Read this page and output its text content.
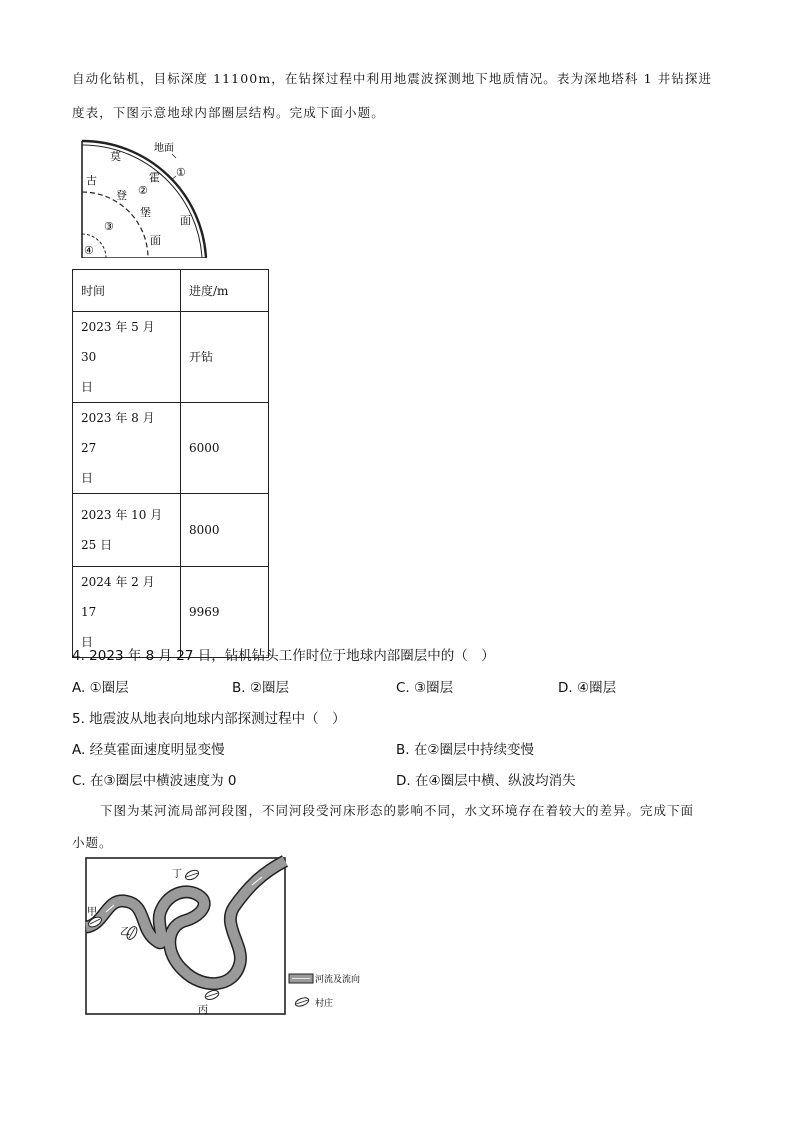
自动化钻机，目标深度 11100m，在钻探过程中利用地震波探测地下地质情况。表为深地塔科 1 井钻探进

度表，下图示意地球内部圈层结构。完成下面小题。

地面
莫
①
霍
古
②
登
堡
面
③
面
④
时间	进度/m

2023 年 5 月 30
日	开钻

2023 年 8 月 27
日	6000

2023 年 10 月
25 日	8000

2024 年 2 月 17
日	9969
4. 2023 年 8 月 27 日，钻机钻头工作时位于地球内部圈层中的（　）
A. ①圈层	B. ②圈层	C. ③圈层	D. ④圈层
5. 地震波从地表向地球内部探测过程中（　）
A. 经莫霍面速度明显变慢	B. 在②圈层中持续变慢
C. 在③圈层中横波速度为 0	D. 在④圈层中横、纵波均消失

下图为某河流局部河段图，不同河段受河床形态的影响不同，水文环境存在着较大的差异。完成下面

小题。

甲
乙
丙
丁
河流及流向
村庄
